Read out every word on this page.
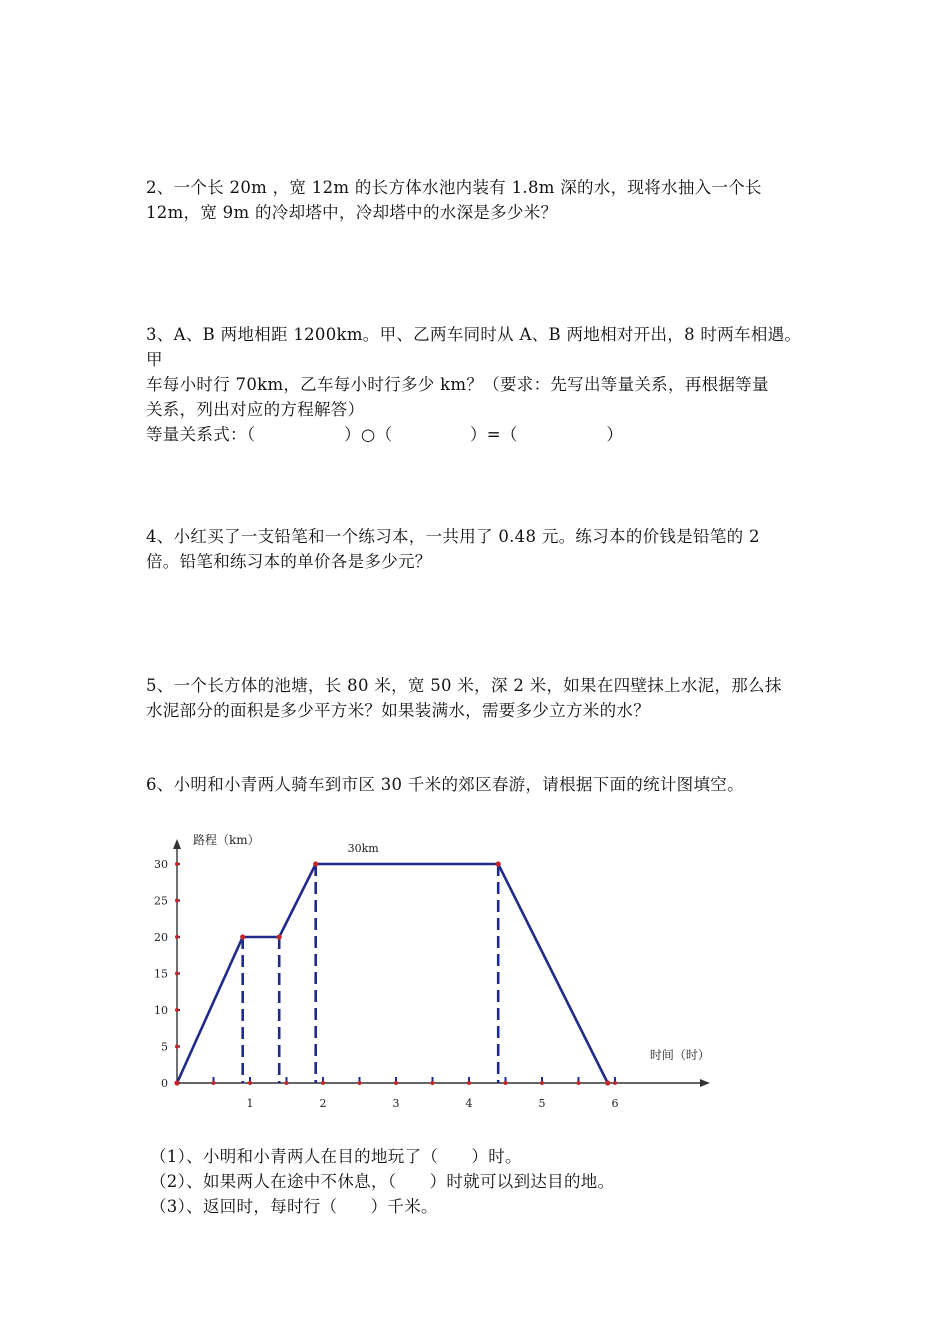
2、一个长 20m ，宽 12m 的长方体水池内装有 1.8m 深的水，现将水抽入一个长

12m，宽 9m 的冷却塔中，冷却塔中的水深是多少米？

3、A、B 两地相距 1200km。甲、乙两车同时从 A、B 两地相对开出，8 时两车相遇。甲

车每小时行 70km，乙车每小时行多少 km？（要求：先写出等量关系，再根据等量

关系，列出对应的方程解答）

等量关系式：（                ）○（              ）=（                ）

4、小红买了一支铅笔和一个练习本，一共用了 0.48 元。练习本的价钱是铅笔的 2

倍。铅笔和练习本的单价各是多少元？

5、一个长方体的池塘，长 80 米，宽 50 米，深 2 米，如果在四壁抹上水泥，那么抹

水泥部分的面积是多少平方米？如果装满水，需要多少立方米的水？

6、小明和小青两人骑车到市区 30 千米的郊区春游，请根据下面的统计图填空。

0
5
10
15
20
25
30
1	2	3	4	5	6
路程（km）
30km
时间（时）
（1）、小明和小青两人在目的地玩了（      ）时。
（2）、如果两人在途中不休息，（      ）时就可以到达目的地。
（3）、返回时，每时行（      ）千米。
